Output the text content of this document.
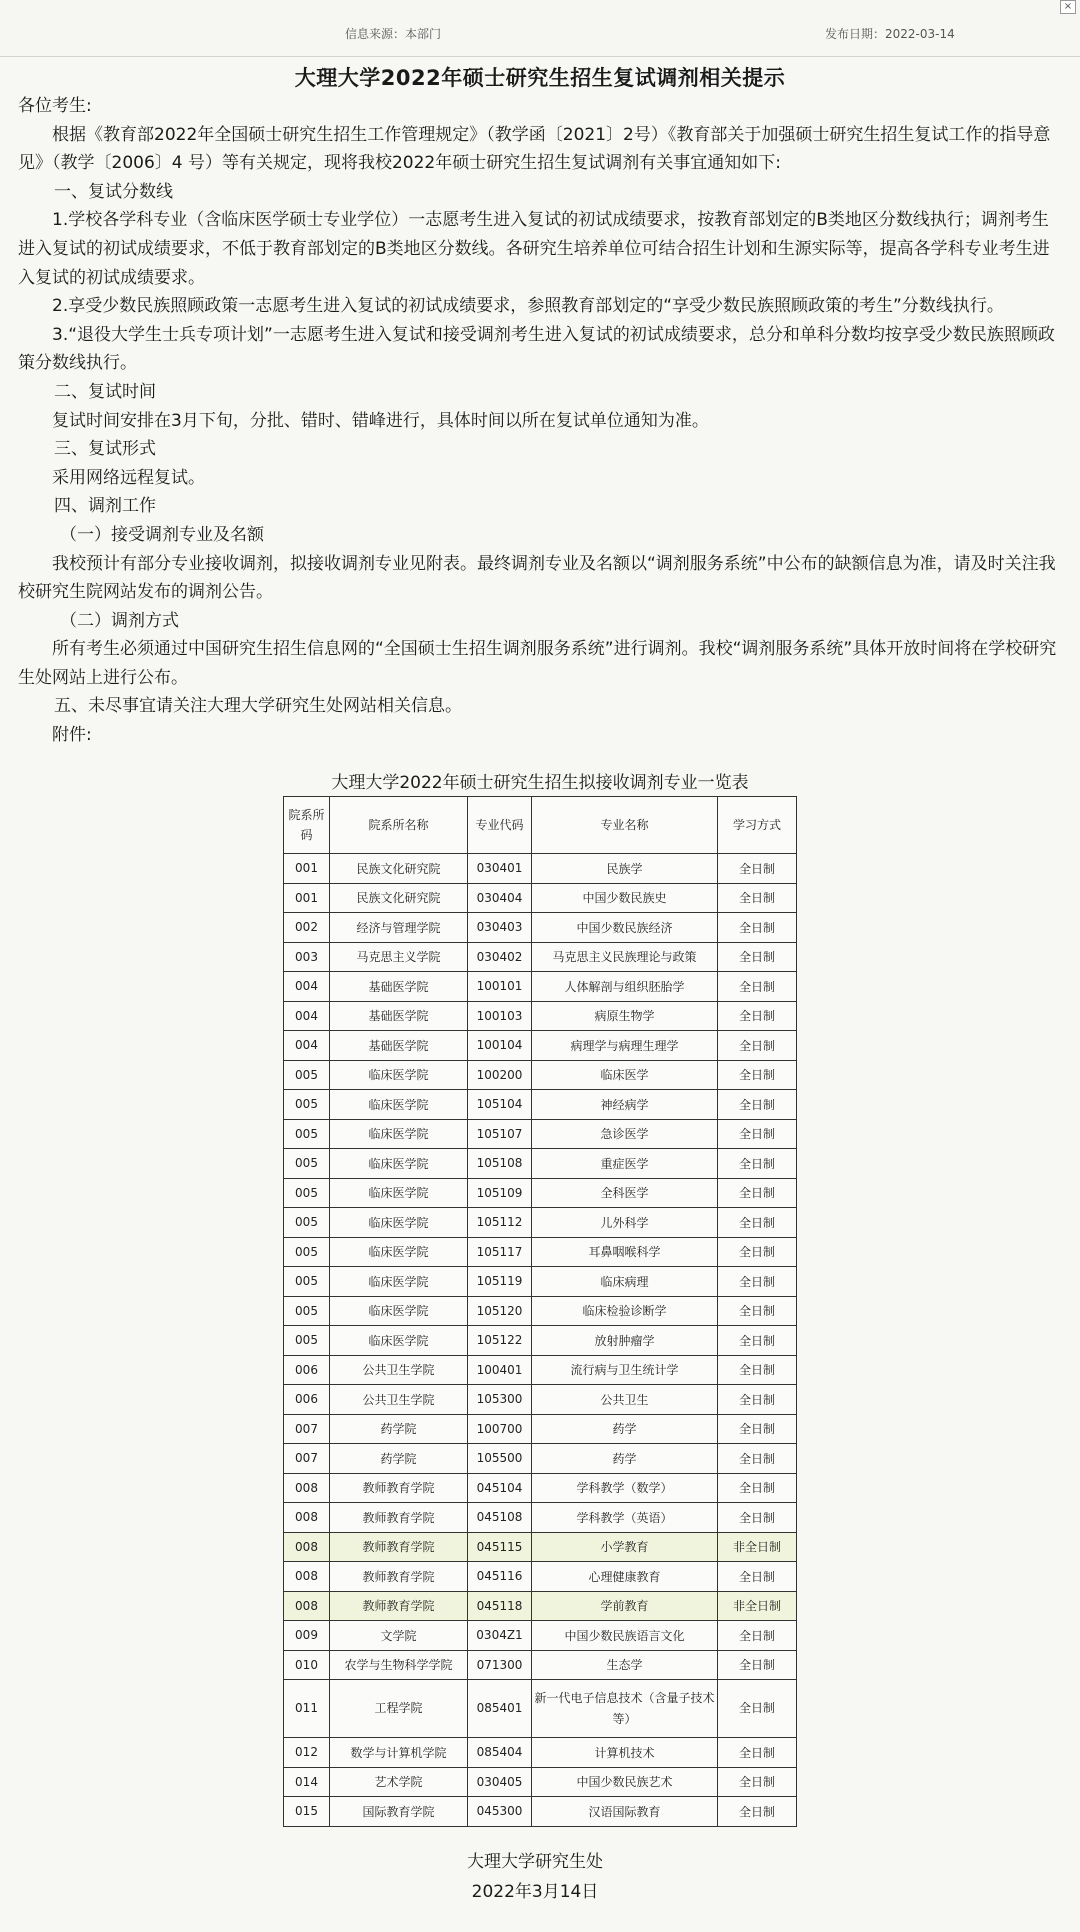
信息来源：本部门	发布日期：2022-03-14
×
大理大学2022年硕士研究生招生复试调剂相关提示

各位考生:

根据《教育部2022年全国硕士研究生招生工作管理规定》（教学函〔2021〕2号）《教育部关于加强硕士研究生招生复试工作的指导意见》（教学〔2006〕4 号）等有关规定，现将我校2022年硕士研究生招生复试调剂有关事宜通知如下:

一、复试分数线

1.学校各学科专业（含临床医学硕士专业学位）一志愿考生进入复试的初试成绩要求，按教育部划定的B类地区分数线执行；调剂考生进入复试的初试成绩要求，不低于教育部划定的B类地区分数线。各研究生培养单位可结合招生计划和生源实际等，提高各学科专业考生进入复试的初试成绩要求。

2.享受少数民族照顾政策一志愿考生进入复试的初试成绩要求，参照教育部划定的“享受少数民族照顾政策的考生”分数线执行。

3.“退役大学生士兵专项计划”一志愿考生进入复试和接受调剂考生进入复试的初试成绩要求，总分和单科分数均按享受少数民族照顾政策分数线执行。

二、复试时间

复试时间安排在3月下旬，分批、错时、错峰进行，具体时间以所在复试单位通知为准。

三、复试形式

采用网络远程复试。

四、调剂工作

（一）接受调剂专业及名额

我校预计有部分专业接收调剂，拟接收调剂专业见附表。最终调剂专业及名额以“调剂服务系统”中公布的缺额信息为准，请及时关注我校研究生院网站发布的调剂公告。

（二）调剂方式

所有考生必须通过中国研究生招生信息网的“全国硕士生招生调剂服务系统”进行调剂。我校“调剂服务系统”具体开放时间将在学校研究生处网站上进行公布。

五、未尽事宜请关注大理大学研究生处网站相关信息。

附件:

大理大学2022年硕士研究生招生拟接收调剂专业一览表
院系所码	院系所名称	专业代码	专业名称	学习方式
001	民族文化研究院	030401	民族学	全日制
001	民族文化研究院	030404	中国少数民族史	全日制
002	经济与管理学院	030403	中国少数民族经济	全日制
003	马克思主义学院	030402	马克思主义民族理论与政策	全日制
004	基础医学院	100101	人体解剖与组织胚胎学	全日制
004	基础医学院	100103	病原生物学	全日制
004	基础医学院	100104	病理学与病理生理学	全日制
005	临床医学院	100200	临床医学	全日制
005	临床医学院	105104	神经病学	全日制
005	临床医学院	105107	急诊医学	全日制
005	临床医学院	105108	重症医学	全日制
005	临床医学院	105109	全科医学	全日制
005	临床医学院	105112	儿外科学	全日制
005	临床医学院	105117	耳鼻咽喉科学	全日制
005	临床医学院	105119	临床病理	全日制
005	临床医学院	105120	临床检验诊断学	全日制
005	临床医学院	105122	放射肿瘤学	全日制
006	公共卫生学院	100401	流行病与卫生统计学	全日制
006	公共卫生学院	105300	公共卫生	全日制
007	药学院	100700	药学	全日制
007	药学院	105500	药学	全日制
008	教师教育学院	045104	学科教学（数学）	全日制
008	教师教育学院	045108	学科教学（英语）	全日制
008	教师教育学院	045115	小学教育	非全日制
008	教师教育学院	045116	心理健康教育	全日制
008	教师教育学院	045118	学前教育	非全日制
009	文学院	0304Z1	中国少数民族语言文化	全日制
010	农学与生物科学学院	071300	生态学	全日制
011	工程学院	085401	新一代电子信息技术（含量子技术等）	全日制
012	数学与计算机学院	085404	计算机技术	全日制
014	艺术学院	030405	中国少数民族艺术	全日制
015	国际教育学院	045300	汉语国际教育	全日制
大理大学研究生处
2022年3月14日
